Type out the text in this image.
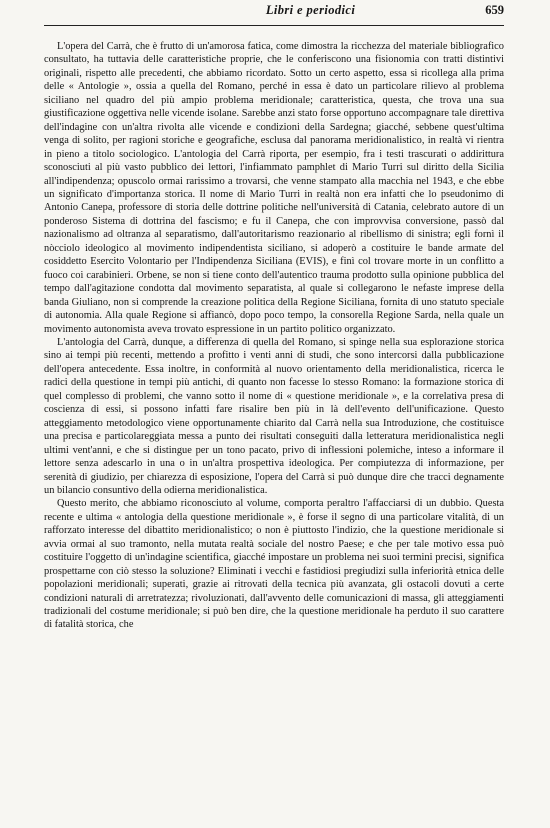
Libri e periodici	659

L'opera del Carrà, che è frutto di un'amorosa fatica, come dimostra la ricchezza del materiale bibliografico consultato, ha tuttavia delle caratteristiche proprie, che le conferiscono una fisionomia con tratti distintivi originali, rispetto alle precedenti, che abbiamo ricordato. Sotto un certo aspetto, essa si ricollega alla prima delle « Antologie », ossia a quella del Romano, perché in essa è dato un particolare rilievo al problema siciliano nel quadro del più ampio problema meridionale; caratteristica, questa, che trova una sua giustificazione oggettiva nelle vicende isolane. Sarebbe anzi stato forse opportuno accompagnare tale direttiva dell'indagine con un'altra rivolta alle vicende e condizioni della Sardegna; giacché, sebbene quest'ultima venga di solito, per ragioni storiche e geografiche, esclusa dal panorama meridionalistico, in realtà vi rientra in pieno a titolo sociologico. L'antologia del Carrà riporta, per esempio, fra i testi trascurati o addirittura sconosciuti al più vasto pubblico dei lettori, l'infiammato pamphlet di Mario Turri sul diritto della Sicilia all'indipendenza; opuscolo ormai rarissimo a trovarsi, che venne stampato alla macchia nel 1943, e che ebbe un significato d'importanza storica. Il nome di Mario Turri in realtà non era infatti che lo pseudonimo di Antonio Canepa, professore di storia delle dottrine politiche nell'università di Catania, celebrato autore di un ponderoso Sistema di dottrina del fascismo; e fu il Canepa, che con improvvisa conversione, passò dal nazionalismo ad oltranza al separatismo, dall'autoritarismo reazionario al ribellismo di sinistra; egli fornì il nòcciolo ideologico al movimento indipendentista siciliano, si adoperò a costituire le bande armate del cosiddetto Esercito Volontario per l'Indipendenza Siciliana (EVIS), e finì col trovare morte in un conflitto a fuoco coi carabinieri. Orbene, se non si tiene conto dell'autentico trauma prodotto sulla opinione pubblica del tempo dall'agitazione condotta dal movimento separatista, al quale si collegarono le nefaste imprese della banda Giuliano, non si comprende la creazione politica della Regione Siciliana, fornita di uno statuto speciale di autonomia. Alla quale Regione si affiancò, dopo poco tempo, la consorella Regione Sarda, nella quale un movimento autonomista aveva trovato espressione in un partito politico organizzato.

L'antologia del Carrà, dunque, a differenza di quella del Romano, si spinge nella sua esplorazione storica sino ai tempi più recenti, mettendo a profitto i venti anni di studi, che sono intercorsi dalla pubblicazione dell'opera antecedente. Essa inoltre, in conformità al nuovo orientamento della meridionalistica, ricerca le radici della questione in tempi più antichi, di quanto non facesse lo stesso Romano: la formazione storica di quel complesso di problemi, che vanno sotto il nome di « questione meridionale », e la correlativa presa di coscienza di essi, si possono infatti fare risalire ben più in là dell'evento dell'unificazione. Questo atteggiamento metodologico viene opportunamente chiarito dal Carrà nella sua Introduzione, che costituisce una precisa e particolareggiata messa a punto dei risultati conseguiti dalla letteratura meridionalistica negli ultimi vent'anni, e che si distingue per un tono pacato, privo di inflessioni polemiche, inteso a informare il lettore senza adescarlo in una o in un'altra prospettiva ideologica. Per compiutezza di informazione, per serenità di giudizio, per chiarezza di esposizione, l'opera del Carrà si può dunque dire che tracci degnamente un bilancio consuntivo della odierna meridionalistica.

Questo merito, che abbiamo riconosciuto al volume, comporta peraltro l'affacciarsi di un dubbio. Questa recente e ultima « antologia della questione meridionale », è forse il segno di una particolare vitalità, di un rafforzato interesse del dibattito meridionalistico; o non è piuttosto l'indizio, che la questione meridionale si avvia ormai al suo tramonto, nella mutata realtà sociale del nostro Paese; e che per tale motivo essa può costituire l'oggetto di un'indagine scientifica, giacché impostare un problema nei suoi termini precisi, significa prospettarne con ciò stesso la soluzione? Eliminati i vecchi e fastidiosi pregiudizi sulla inferiorità etnica delle popolazioni meridionali; superati, grazie ai ritrovati della tecnica più avanzata, gli ostacoli dovuti a certe condizioni naturali di arretratezza; rivoluzionati, dall'avvento delle comunicazioni di massa, gli atteggiamenti tradizionali del costume meridionale; si può ben dire, che la questione meridionale ha perduto il suo carattere di fatalità storica, che
